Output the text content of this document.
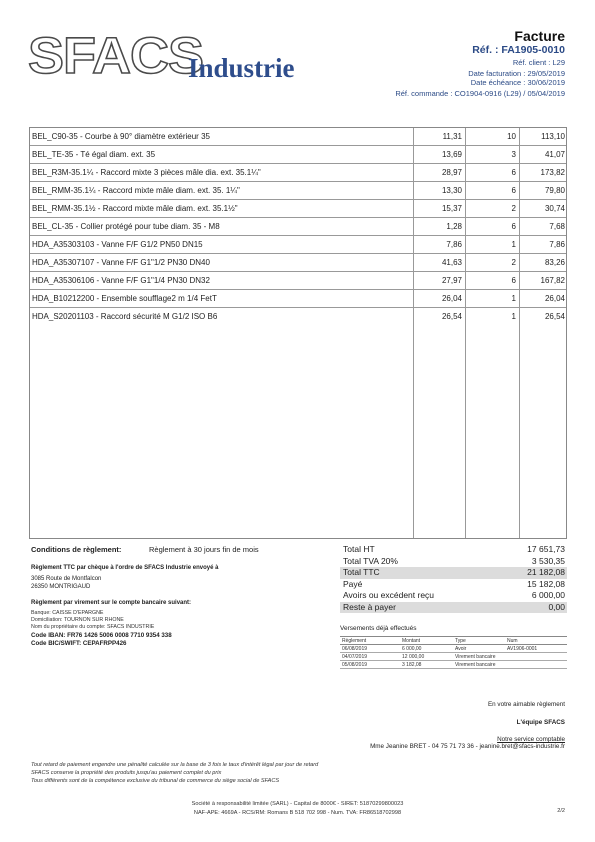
SFACS
Industrie
Facture
Réf. : FA1905-0010
Réf. client : L29
Date facturation : 29/05/2019
Date échéance : 30/06/2019
Réf. commande : CO1904-0916 (L29) / 05/04/2019
BEL_C90-35 - Courbe à 90° diamètre extérieur 35	11,31	10	113,10
BEL_TE-35 - Té égal diam. ext. 35	13,69	3	41,07
BEL_R3M-35.1¼ - Raccord mixte 3 pièces mâle dia. ext. 35.1¼"	28,97	6	173,82
BEL_RMM-35.1¼ - Raccord mixte mâle diam. ext. 35. 1¼"	13,30	6	79,80
BEL_RMM-35.1½ - Raccord mixte mâle diam. ext. 35.1½"	15,37	2	30,74
BEL_CL-35 - Collier protégé pour tube diam. 35 - M8	1,28	6	7,68
HDA_A35303103 - Vanne F/F G1/2 PN50 DN15	7,86	1	7,86
HDA_A35307107 - Vanne F/F G1"1/2 PN30 DN40	41,63	2	83,26
HDA_A35306106 - Vanne F/F G1"1/4 PN30 DN32	27,97	6	167,82
HDA_B10212200 - Ensemble soufflage2 m 1/4 FetT	26,04	1	26,04
HDA_S20201103 - Raccord sécurité M G1/2 ISO B6	26,54	1	26,54
Conditions de règlement:	Règlement à 30 jours fin de mois
Règlement TTC par chèque à l'ordre de SFACS Industrie envoyé à
3085 Route de Montfalcon
26350 MONTRIGAUD
Règlement par virement sur le compte bancaire suivant:
Banque: CAISSE D'EPARGNE
Domiciliation: TOURNON SUR RHONE
Nom du propriétaire du compte: SFACS INDUSTRIE
Code IBAN: FR76 1426 5006 0008 7710 9354 338
Code BIC/SWIFT: CEPAFRPP426
Total HT	17 651,73
Total TVA 20%	3 530,35
Total TTC	21 182,08
Payé	15 182,08
Avoirs ou excédent reçu	6 000,00
Reste à payer	0,00
Versements déjà effectués
Règlement	Montant	Type	Num
06/08/2019	6 000,00	Avoir	AV1906-0001
04/07/2019	12 000,00	Virement bancaire
05/08/2019	3 182,08	Virement bancaire
En votre aimable règlement
L'équipe SFACS
Notre service comptable
Mme Jeanine BRET - 04 75 71 73 36 - jeanine.bret@sfacs-industrie.fr
Tout retard de paiement engendre une pénalité calculée sur la base de 3 fois le taux d'intérêt légal par jour de retard
SFACS conserve la propriété des produits jusqu'au paiement complet du prix
Tous différents sont de la compétence exclusive du tribunal de commerce du siège social de SFACS
Société à responsabilité limitée (SARL) - Capital de 8000€ - SIRET: 51870299800023
NAF-APE: 4669A - RCS/RM: Romans B 518 702 998 - Num. TVA: FR86518702998	2/2
